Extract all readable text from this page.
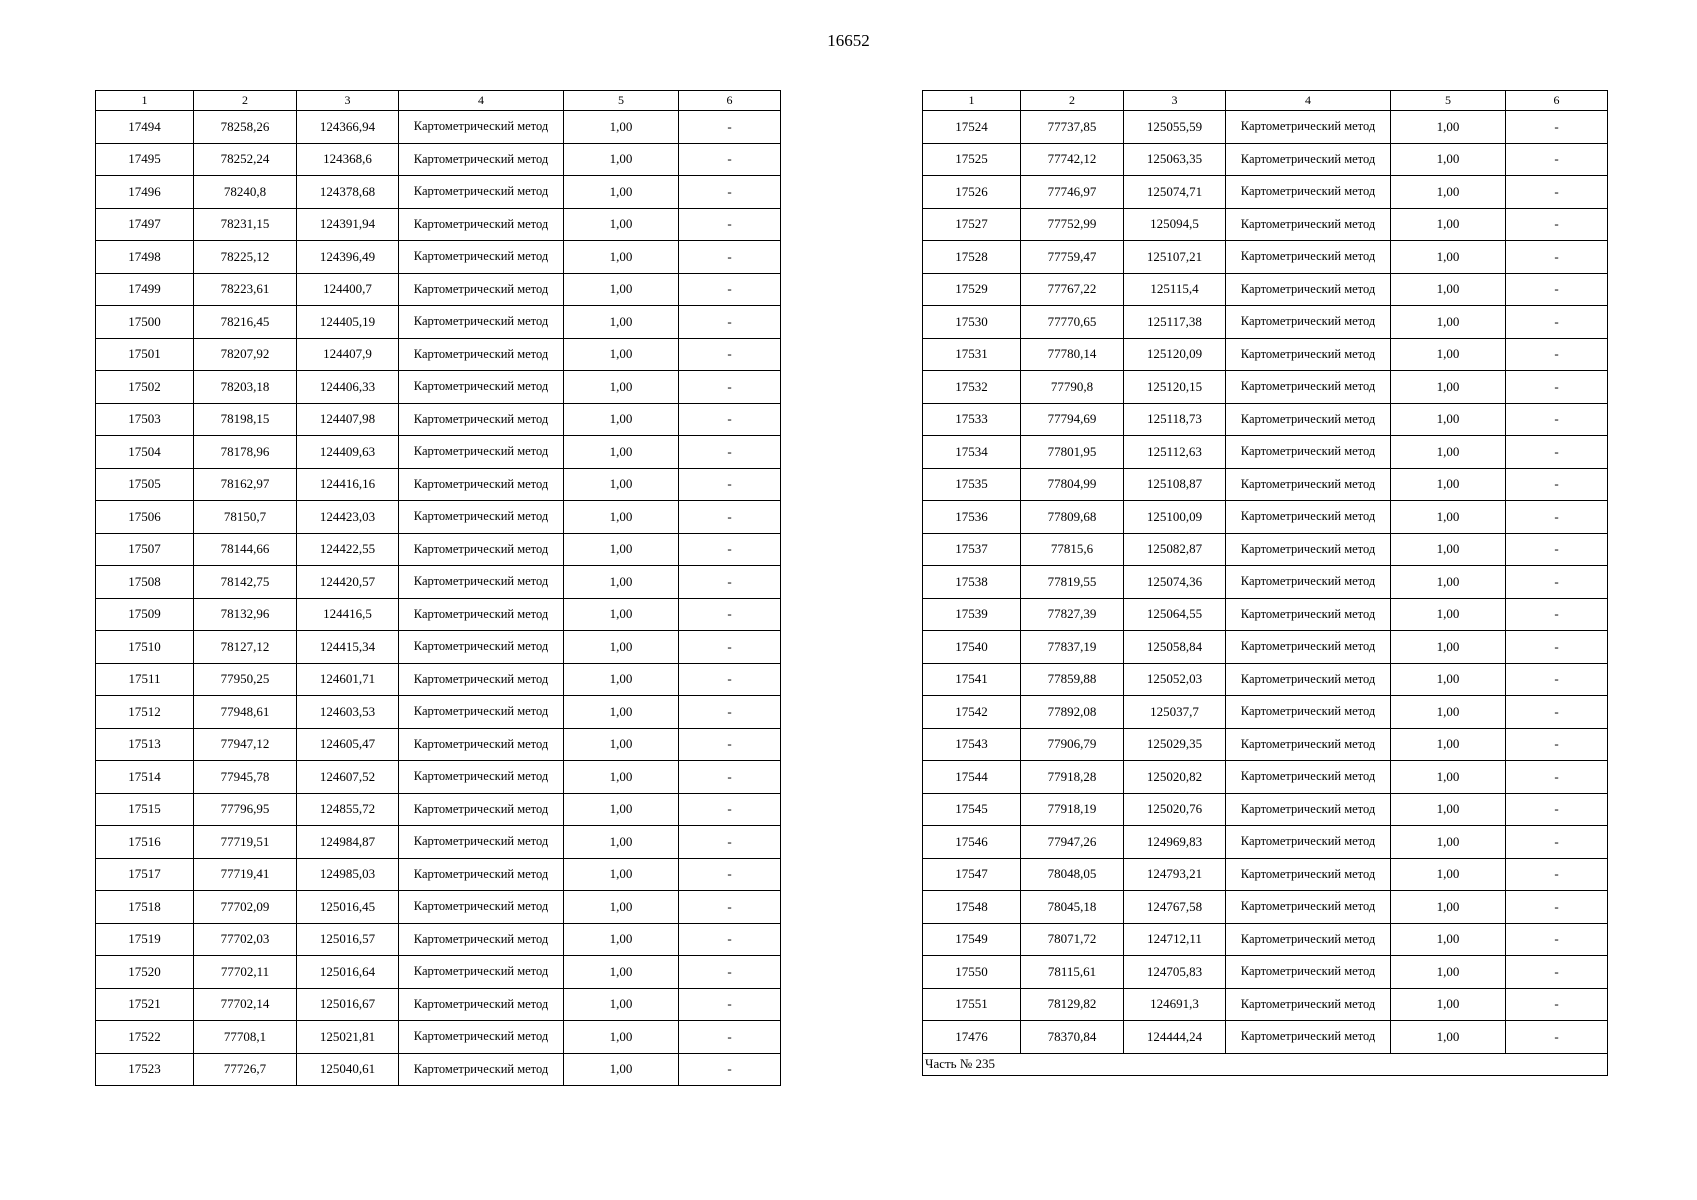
16652
1	2	3	4	5	6
17494	78258,26	124366,94	Картометрический метод	1,00	-
17495	78252,24	124368,6	Картометрический метод	1,00	-
17496	78240,8	124378,68	Картометрический метод	1,00	-
17497	78231,15	124391,94	Картометрический метод	1,00	-
17498	78225,12	124396,49	Картометрический метод	1,00	-
17499	78223,61	124400,7	Картометрический метод	1,00	-
17500	78216,45	124405,19	Картометрический метод	1,00	-
17501	78207,92	124407,9	Картометрический метод	1,00	-
17502	78203,18	124406,33	Картометрический метод	1,00	-
17503	78198,15	124407,98	Картометрический метод	1,00	-
17504	78178,96	124409,63	Картометрический метод	1,00	-
17505	78162,97	124416,16	Картометрический метод	1,00	-
17506	78150,7	124423,03	Картометрический метод	1,00	-
17507	78144,66	124422,55	Картометрический метод	1,00	-
17508	78142,75	124420,57	Картометрический метод	1,00	-
17509	78132,96	124416,5	Картометрический метод	1,00	-
17510	78127,12	124415,34	Картометрический метод	1,00	-
17511	77950,25	124601,71	Картометрический метод	1,00	-
17512	77948,61	124603,53	Картометрический метод	1,00	-
17513	77947,12	124605,47	Картометрический метод	1,00	-
17514	77945,78	124607,52	Картометрический метод	1,00	-
17515	77796,95	124855,72	Картометрический метод	1,00	-
17516	77719,51	124984,87	Картометрический метод	1,00	-
17517	77719,41	124985,03	Картометрический метод	1,00	-
17518	77702,09	125016,45	Картометрический метод	1,00	-
17519	77702,03	125016,57	Картометрический метод	1,00	-
17520	77702,11	125016,64	Картометрический метод	1,00	-
17521	77702,14	125016,67	Картометрический метод	1,00	-
17522	77708,1	125021,81	Картометрический метод	1,00	-
17523	77726,7	125040,61	Картометрический метод	1,00	-
1	2	3	4	5	6
17524	77737,85	125055,59	Картометрический метод	1,00	-
17525	77742,12	125063,35	Картометрический метод	1,00	-
17526	77746,97	125074,71	Картометрический метод	1,00	-
17527	77752,99	125094,5	Картометрический метод	1,00	-
17528	77759,47	125107,21	Картометрический метод	1,00	-
17529	77767,22	125115,4	Картометрический метод	1,00	-
17530	77770,65	125117,38	Картометрический метод	1,00	-
17531	77780,14	125120,09	Картометрический метод	1,00	-
17532	77790,8	125120,15	Картометрический метод	1,00	-
17533	77794,69	125118,73	Картометрический метод	1,00	-
17534	77801,95	125112,63	Картометрический метод	1,00	-
17535	77804,99	125108,87	Картометрический метод	1,00	-
17536	77809,68	125100,09	Картометрический метод	1,00	-
17537	77815,6	125082,87	Картометрический метод	1,00	-
17538	77819,55	125074,36	Картометрический метод	1,00	-
17539	77827,39	125064,55	Картометрический метод	1,00	-
17540	77837,19	125058,84	Картометрический метод	1,00	-
17541	77859,88	125052,03	Картометрический метод	1,00	-
17542	77892,08	125037,7	Картометрический метод	1,00	-
17543	77906,79	125029,35	Картометрический метод	1,00	-
17544	77918,28	125020,82	Картометрический метод	1,00	-
17545	77918,19	125020,76	Картометрический метод	1,00	-
17546	77947,26	124969,83	Картометрический метод	1,00	-
17547	78048,05	124793,21	Картометрический метод	1,00	-
17548	78045,18	124767,58	Картометрический метод	1,00	-
17549	78071,72	124712,11	Картометрический метод	1,00	-
17550	78115,61	124705,83	Картометрический метод	1,00	-
17551	78129,82	124691,3	Картометрический метод	1,00	-
17476	78370,84	124444,24	Картометрический метод	1,00	-
Часть № 235					
